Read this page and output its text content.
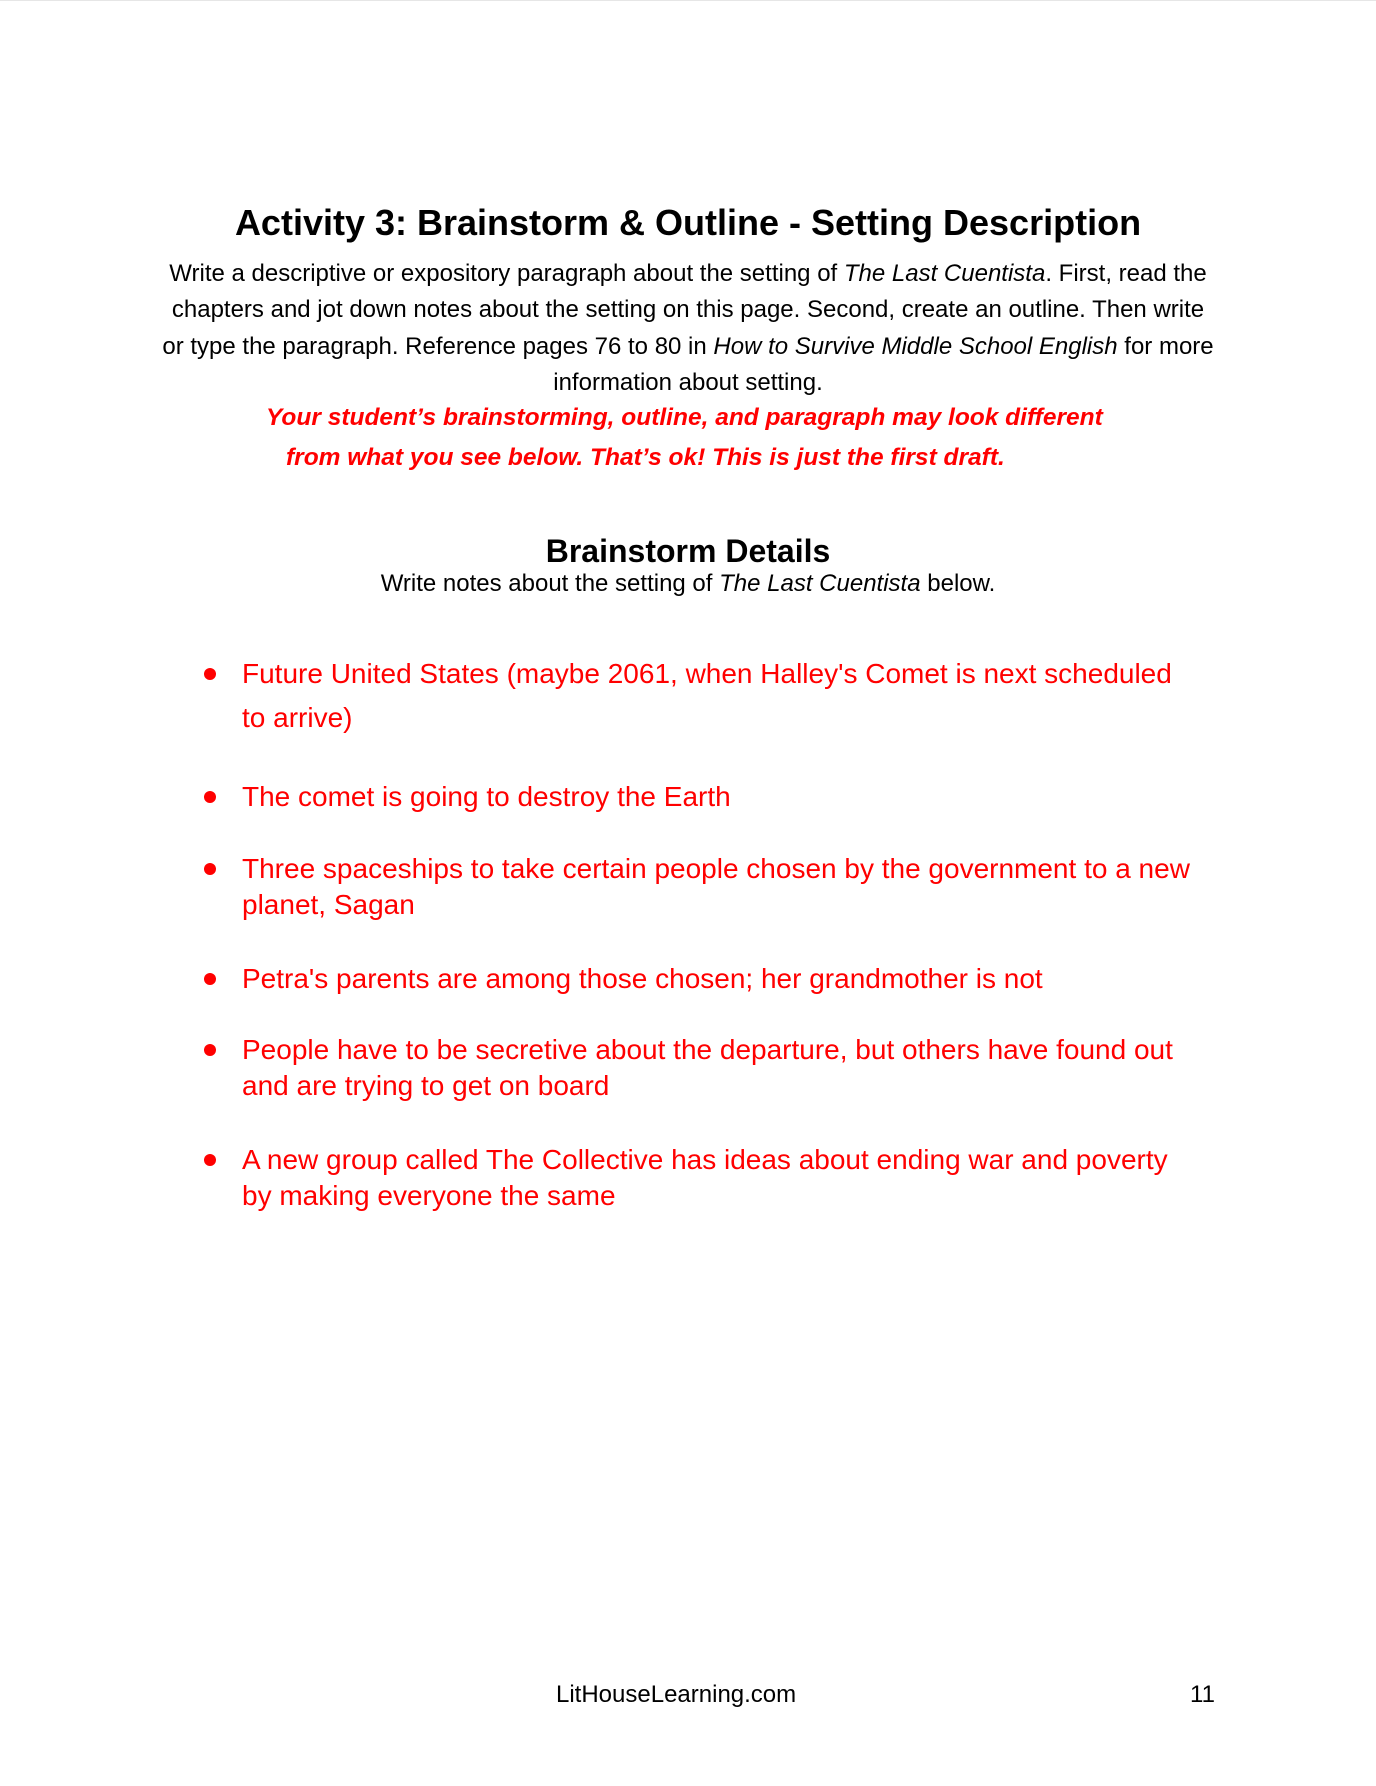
Activity 3: Brainstorm & Outline - Setting Description
Write a descriptive or expository paragraph about the setting of The Last Cuentista. First, read the chapters and jot down notes about the setting on this page. Second, create an outline. Then write or type the paragraph. Reference pages 76 to 80 in How to Survive Middle School English for more information about setting.
Your student’s brainstorming, outline, and paragraph may look different
from what you see below. That’s ok! This is just the first draft.
Brainstorm Details
Write notes about the setting of The Last Cuentista below.
Future United States (maybe 2061, when Halley's Comet is next scheduled to arrive)
The comet is going to destroy the Earth
Three spaceships to take certain people chosen by the government to a new planet, Sagan
Petra's parents are among those chosen; her grandmother is not
People have to be secretive about the departure, but others have found out and are trying to get on board
A new group called The Collective has ideas about ending war and poverty by making everyone the same
LitHouseLearning.com	11
